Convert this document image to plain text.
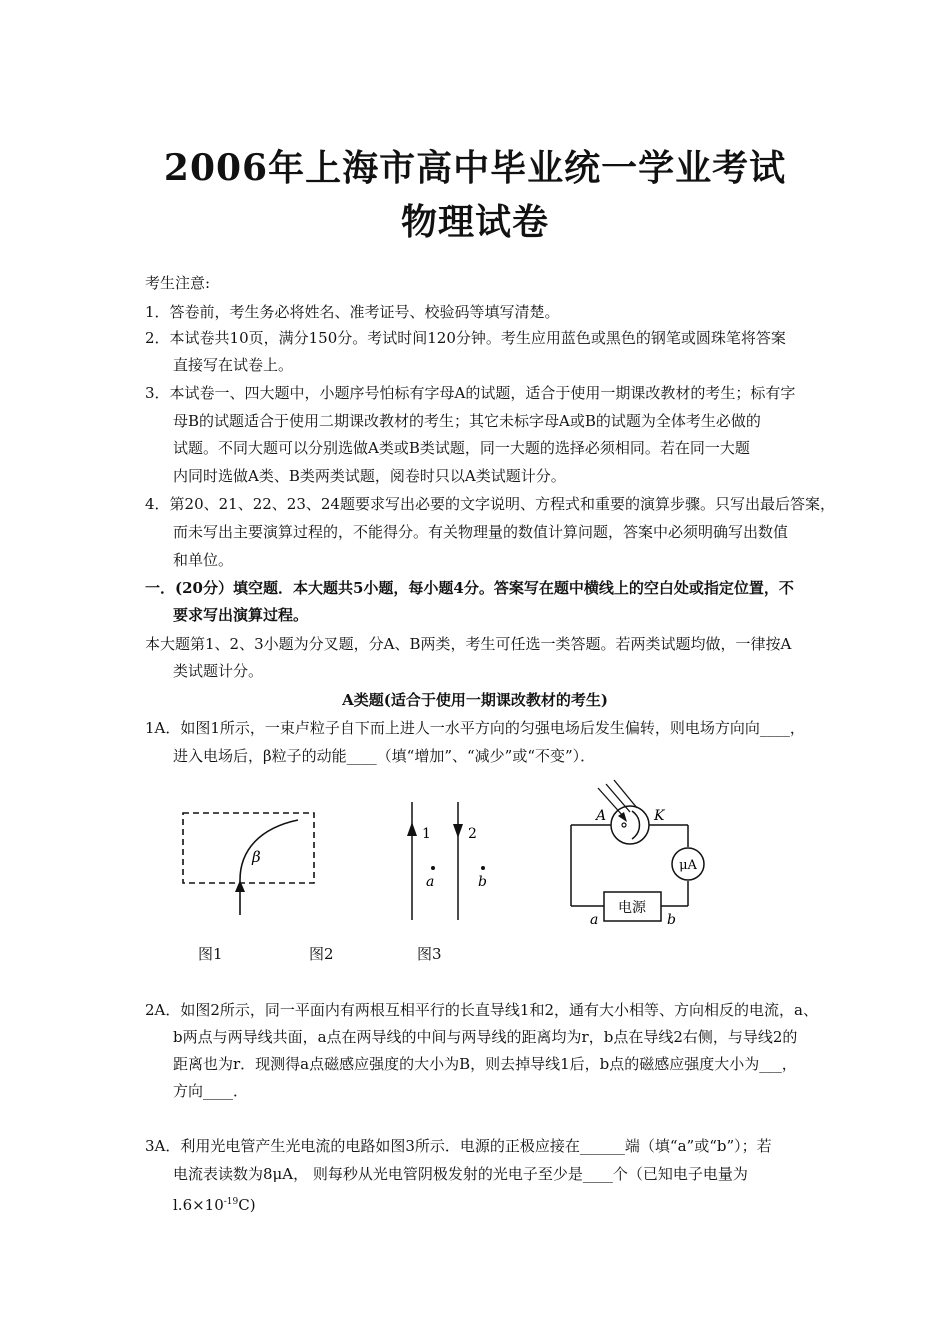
2006年上海市高中毕业统一学业考试
物理试卷
考生注意:
1．答卷前，考生务必将姓名、准考证号、校验码等填写清楚。
2．本试卷共10页，满分150分。考试时间120分钟。考生应用蓝色或黑色的钢笔或圆珠笔将答案
直接写在试卷上。
3．本试卷一、四大题中，小题序号怕标有字母A的试题，适合于使用一期课改教材的考生；标有字
母B的试题适合于使用二期课改教材的考生；其它未标字母A或B的试题为全体考生必做的
试题。不同大题可以分别选做A类或B类试题，同一大题的选择必须相同。若在同一大题
内同时选做A类、B类两类试题，阅卷时只以A类试题计分。
4．第20、21、22、23、24题要求写出必要的文字说明、方程式和重要的演算步骤。只写出最后答案，
而未写出主要演算过程的，不能得分。有关物理量的数值计算问题，答案中必须明确写出数值
和单位。
一．(20分）填空题．本大题共5小题，每小题4分。答案写在题中横线上的空白处或指定位置，不
要求写出演算过程。
本大题第1、2、3小题为分叉题，分A、B两类，考生可任选一类答题。若两类试题均做，一律按A
类试题计分。
A类题(适合于使用一期课改教材的考生)
1A．如图1所示，一束卢粒子自下而上进人一水平方向的匀强电场后发生偏转，则电场方向向____，
进入电场后，β粒子的动能____（填“增加”、“减少”或“不变”）．
β
1	2
a	b
A	K
μA
电源
a	b
图1	图2	图3
2A．如图2所示，同一平面内有两根互相平行的长直导线1和2，通有大小相等、方向相反的电流，a、
b两点与两导线共面，a点在两导线的中间与两导线的距离均为r，b点在导线2右侧，与导线2的
距离也为r．现测得a点磁感应强度的大小为B，则去掉导线1后，b点的磁感应强度大小为___，
方向____．
3A．利用光电管产生光电流的电路如图3所示．电源的正极应接在______端（填“a”或“b”）；若
电流表读数为8μA， 则每秒从光电管阴极发射的光电子至少是____个（已知电子电量为
$l.6\times 10^{-19}C$)
